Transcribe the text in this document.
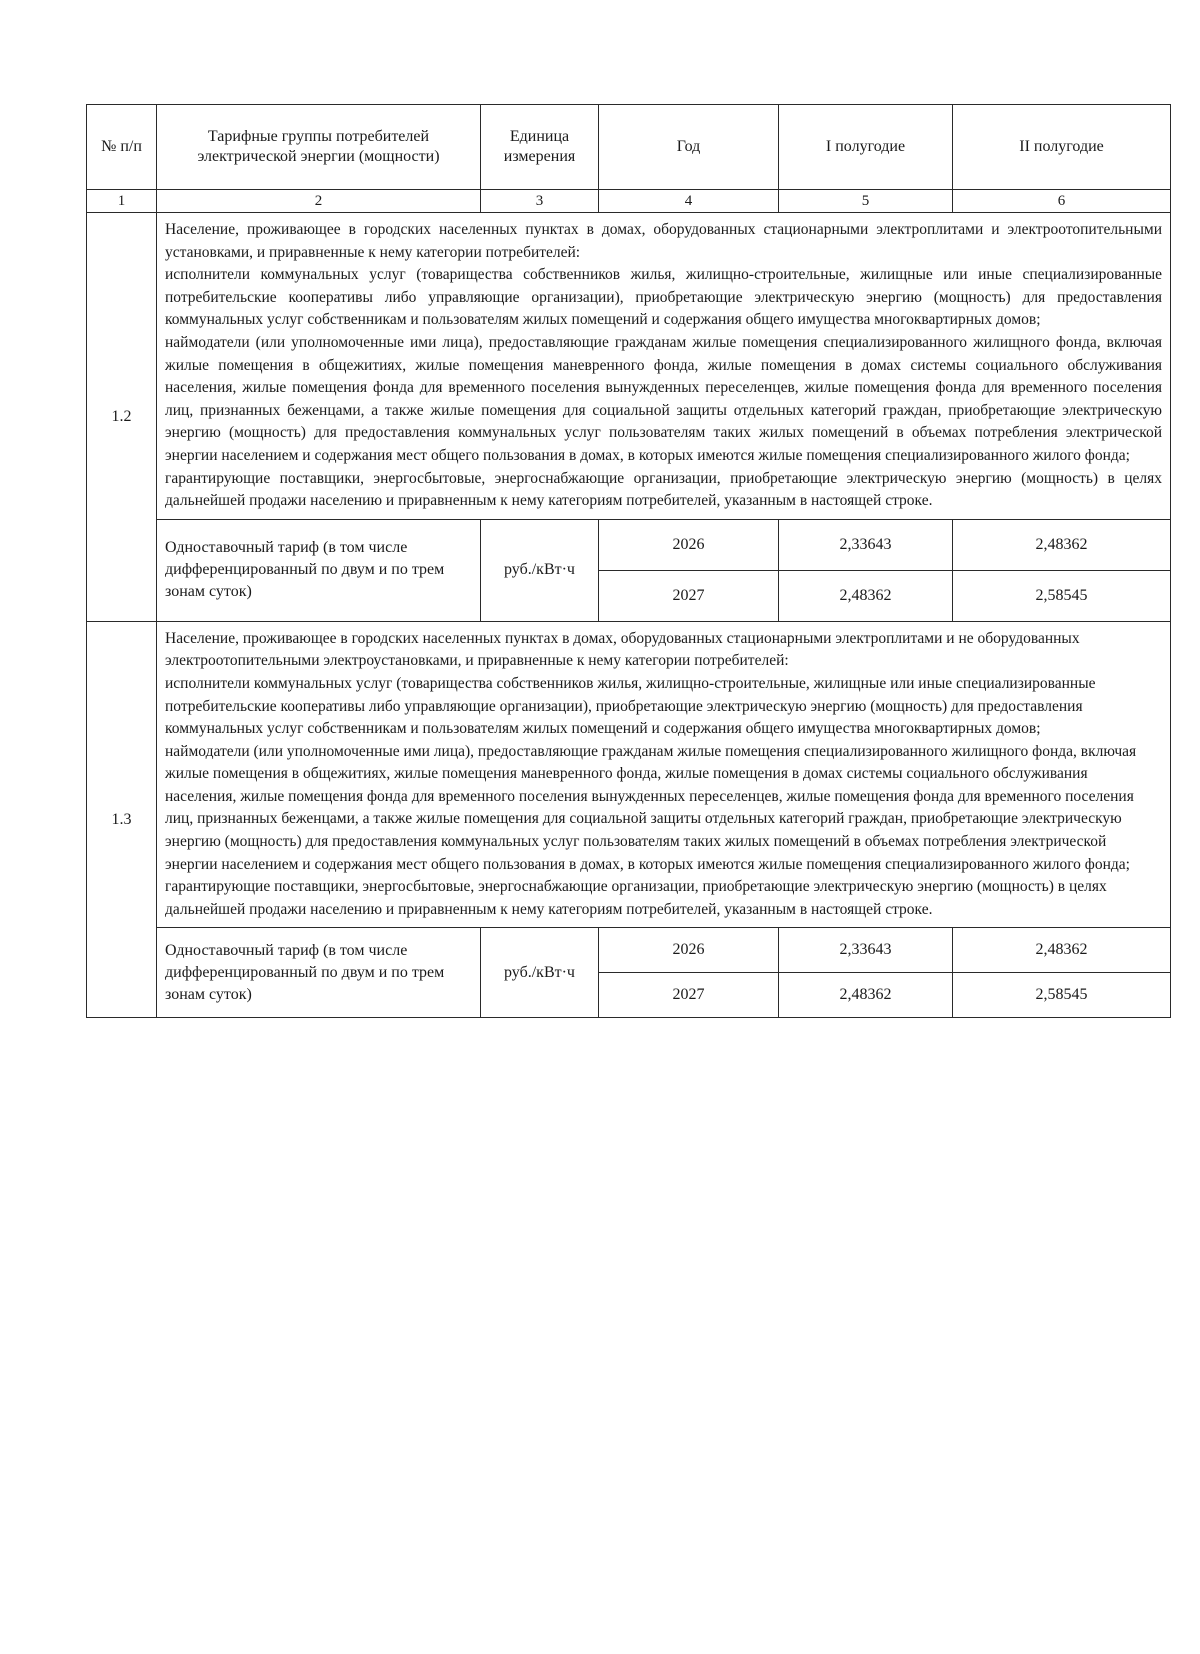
№ п/п	Тарифные группы потребителей электрической энергии (мощности)	Единица измерения	Год	I полугодие	II полугодие
1	2	3	4	5	6
1.2	Население, проживающее в городских населенных пунктах в домах, оборудованных стационарными электроплитами и электроотопительными установками, и приравненные к нему категории потребителей:
исполнители коммунальных услуг (товарищества собственников жилья, жилищно-строительные, жилищные или иные специализированные потребительские кооперативы либо управляющие организации), приобретающие электрическую энергию (мощность) для предоставления коммунальных услуг собственникам и пользователям жилых помещений и содержания общего имущества многоквартирных домов;
наймодатели (или уполномоченные ими лица), предоставляющие гражданам жилые помещения специализированного жилищного фонда, включая жилые помещения в общежитиях, жилые помещения маневренного фонда, жилые помещения в домах системы социального обслуживания населения, жилые помещения фонда для временного поселения вынужденных переселенцев, жилые помещения фонда для временного поселения лиц, признанных беженцами, а также жилые помещения для социальной защиты отдельных категорий граждан, приобретающие электрическую энергию (мощность) для предоставления коммунальных услуг пользователям таких жилых помещений в объемах потребления электрической энергии населением и содержания мест общего пользования в домах, в которых имеются жилые помещения специализированного жилого фонда;
гарантирующие поставщики, энергосбытовые, энергоснабжающие организации, приобретающие электрическую энергию (мощность) в целях дальнейшей продажи населению и приравненным к нему категориям потребителей, указанным в настоящей строке.				

	Одноставочный тариф (в том числе дифференцированный по двум и по трем зонам суток)	руб./кВт·ч	2026	2,33643	2,48362
			2027	2,48362	2,58545
1.3	Население, проживающее в городских населенных пунктах в домах, оборудованных стационарными электроплитами и не оборудованных электроотопительными электроустановками, и приравненные к нему категории потребителей:
исполнители коммунальных услуг (товарищества собственников жилья, жилищно-строительные, жилищные или иные специализированные потребительские кооперативы либо управляющие организации), приобретающие электрическую энергию (мощность) для предоставления коммунальных услуг собственникам и пользователям жилых помещений и содержания общего имущества многоквартирных домов;
наймодатели (или уполномоченные ими лица), предоставляющие гражданам жилые помещения специализированного жилищного фонда, включая жилые помещения в общежитиях, жилые помещения маневренного фонда, жилые помещения в домах системы социального обслуживания населения, жилые помещения фонда для временного поселения вынужденных переселенцев, жилые помещения фонда для временного поселения лиц, признанных беженцами, а также жилые помещения для социальной защиты отдельных категорий граждан, приобретающие электрическую энергию (мощность) для предоставления коммунальных услуг пользователям таких жилых помещений в объемах потребления электрической энергии населением и содержания мест общего пользования в домах, в которых имеются жилые помещения специализированного жилого фонда;
гарантирующие поставщики, энергосбытовые, энергоснабжающие организации, приобретающие электрическую энергию (мощность) в целях дальнейшей продажи населению и приравненным к нему категориям потребителей, указанным в настоящей строке.				

	Одноставочный тариф (в том числе дифференцированный по двум и по трем зонам суток)	руб./кВт·ч	2026	2,33643	2,48362
			2027	2,48362	2,58545
